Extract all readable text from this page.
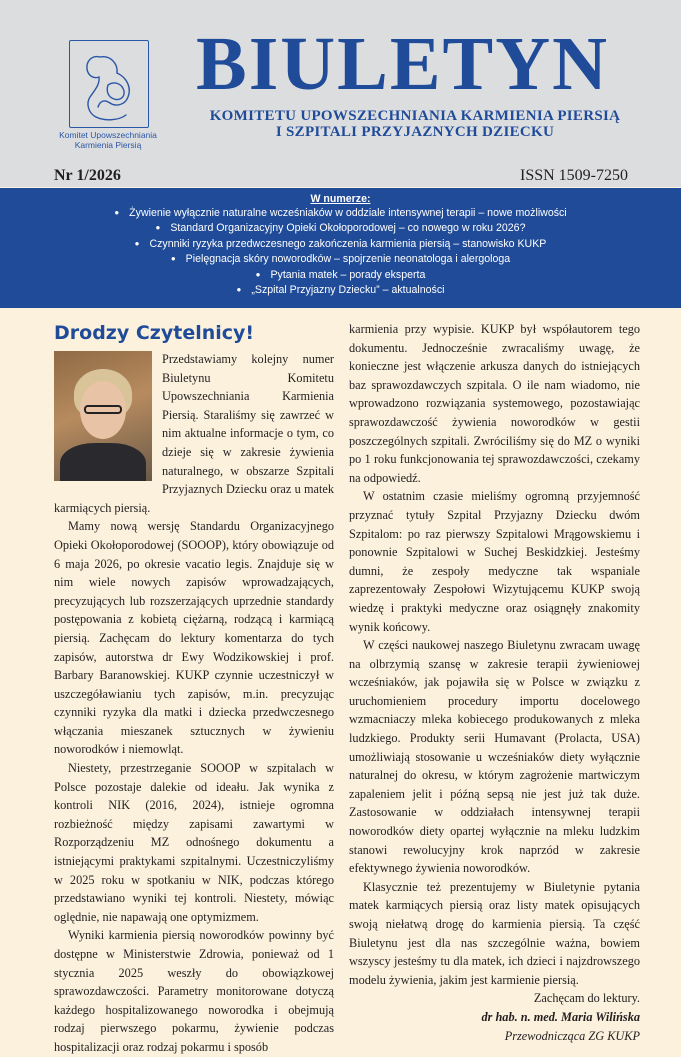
Komitet Upowszechniania
Karmienia Piersią
BIULETYN
KOMITETU UPOWSZECHNIANIA KARMIENIA PIERSIĄ
I SZPITALI PRZYJAZNYCH DZIECKU
Nr 1/2026	ISSN 1509-7250
W numerze:
● Żywienie wyłącznie naturalne wcześniaków w oddziale intensywnej terapii – nowe możliwości
● Standard Organizacyjny Opieki Okołoporodowej – co nowego w roku 2026?
● Czynniki ryzyka przedwczesnego zakończenia karmienia piersią – stanowisko KUKP
● Pielęgnacja skóry noworodków – spojrzenie neonatologa i alergologa
● Pytania matek – porady eksperta
● „Szpital Przyjazny Dziecku” – aktualności
Drodzy Czytelnicy!

Przedstawiamy kolejny numer Biuletynu Komitetu Upowszechniania Karmienia Piersią. Staraliśmy się zawrzeć w nim aktualne informacje o tym, co dzieje się w zakresie żywienia naturalnego, w obszarze Szpitali Przyjaznych Dziecku oraz u matek karmiących piersią.

Mamy nową wersję Standardu Organizacyjnego Opieki Okołoporodowej (SOOOP), który obowiązuje od 6 maja 2026, po okresie vacatio legis. Znajduje się w nim wiele nowych zapisów wprowadzających, precyzujących lub rozszerzających uprzednie standardy postępowania z kobietą ciężarną, rodzącą i karmiącą piersią. Zachęcam do lektury komentarza do tych zapisów, autorstwa dr Ewy Wodzikowskiej i prof. Barbary Baranowskiej. KUKP czynnie uczestniczył w uszczegóławianiu tych zapisów, m.in. precyzując czynniki ryzyka dla matki i dziecka przedwczesnego włączania mieszanek sztucznych w żywieniu noworodków i niemowląt.

Niestety, przestrzeganie SOOOP w szpitalach w Polsce pozostaje dalekie od ideału. Jak wynika z kontroli NIK (2016, 2024), istnieje ogromna rozbieżność między zapisami zawartymi w Rozporządzeniu MZ odnośnego dokumentu a istniejącymi praktykami szpitalnymi. Uczestniczyliśmy w 2025 roku w spotkaniu w NIK, podczas którego przedstawiano wyniki tej kontroli. Niestety, mówiąc oględnie, nie napawają one optymizmem.

Wyniki karmienia piersią noworodków powinny być dostępne w Ministerstwie Zdrowia, ponieważ od 1 stycznia 2025 weszły do obowiązkowej sprawozdawczości. Parametry monitorowane dotyczą każdego hospitalizowanego noworodka i obejmują rodzaj pierwszego pokarmu, żywienie podczas hospitalizacji oraz rodzaj pokarmu i sposób

karmienia przy wypisie. KUKP był współautorem tego dokumentu. Jednocześnie zwracaliśmy uwagę, że konieczne jest włączenie arkusza danych do istniejących baz sprawozdawczych szpitala. O ile nam wiadomo, nie wprowadzono rozwiązania systemowego, pozostawiając sprawozdawczość żywienia noworodków w gestii poszczególnych szpitali. Zwróciliśmy się do MZ o wyniki po 1 roku funkcjonowania tej sprawozdawczości, czekamy na odpowiedź.

W ostatnim czasie mieliśmy ogromną przyjemność przyznać tytuły Szpital Przyjazny Dziecku dwóm Szpitalom: po raz pierwszy Szpitalowi Mrągowskiemu i ponownie Szpitalowi w Suchej Beskidzkiej. Jesteśmy dumni, że zespoły medyczne tak wspaniale zaprezentowały Zespołowi Wizytującemu KUKP swoją wiedzę i praktyki medyczne oraz osiągnęły znakomity wynik końcowy.

W części naukowej naszego Biuletynu zwracam uwagę na olbrzymią szansę w zakresie terapii żywieniowej wcześniaków, jak pojawiła się w Polsce w związku z uruchomieniem procedury importu docelowego wzmacniaczy mleka kobiecego produkowanych z mleka ludzkiego. Produkty serii Humavant (Prolacta, USA) umożliwiają stosowanie u wcześniaków diety wyłącznie naturalnej do okresu, w którym zagrożenie martwiczym zapaleniem jelit i późną sepsą nie jest już tak duże. Zastosowanie w oddziałach intensywnej terapii noworodków diety opartej wyłącznie na mleku ludzkim stanowi rewolucyjny krok naprzód w zakresie efektywnego żywienia noworodków.

Klasycznie też prezentujemy w Biuletynie pytania matek karmiących piersią oraz listy matek opisujących swoją niełatwą drogę do karmienia piersią. Ta część Biuletynu jest dla nas szczególnie ważna, bowiem wszyscy jesteśmy tu dla matek, ich dzieci i najzdrowszego modelu żywienia, jakim jest karmienie piersią.

Zachęcam do lektury.

dr hab. n. med. Maria Wilińska

Przewodnicząca ZG KUKP
